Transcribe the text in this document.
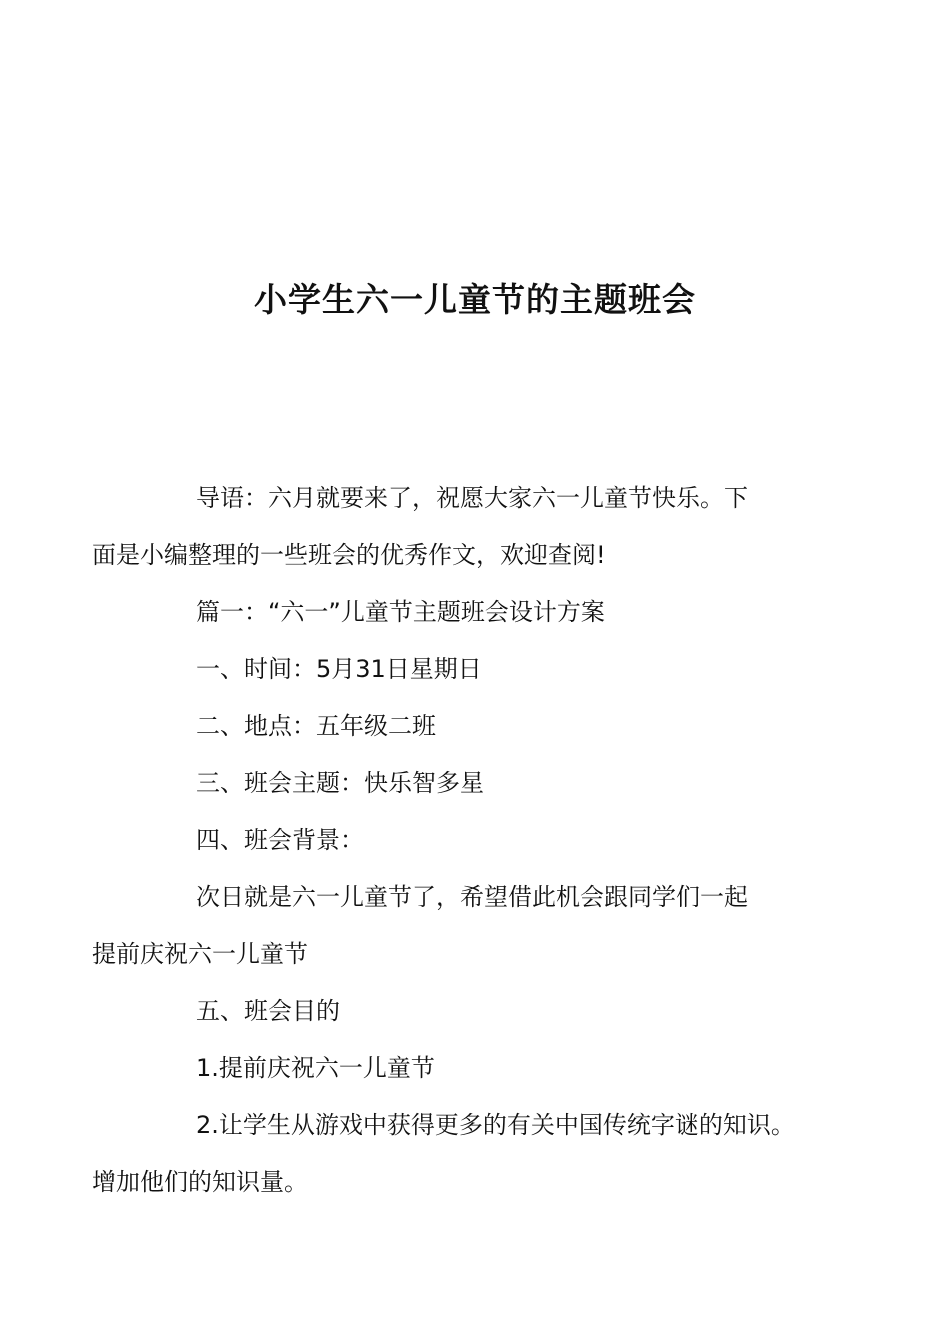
小学生六一儿童节的主题班会

导语：六月就要来了，祝愿大家六一儿童节快乐。下
面是小编整理的一些班会的优秀作文，欢迎查阅!

篇一：“六一”儿童节主题班会设计方案

一、时间：5月31日星期日

二、地点：五年级二班

三、班会主题：快乐智多星

四、班会背景：

次日就是六一儿童节了，希望借此机会跟同学们一起
提前庆祝六一儿童节

五、班会目的

1.提前庆祝六一儿童节

2.让学生从游戏中获得更多的有关中国传统字谜的知识。
增加他们的知识量。
